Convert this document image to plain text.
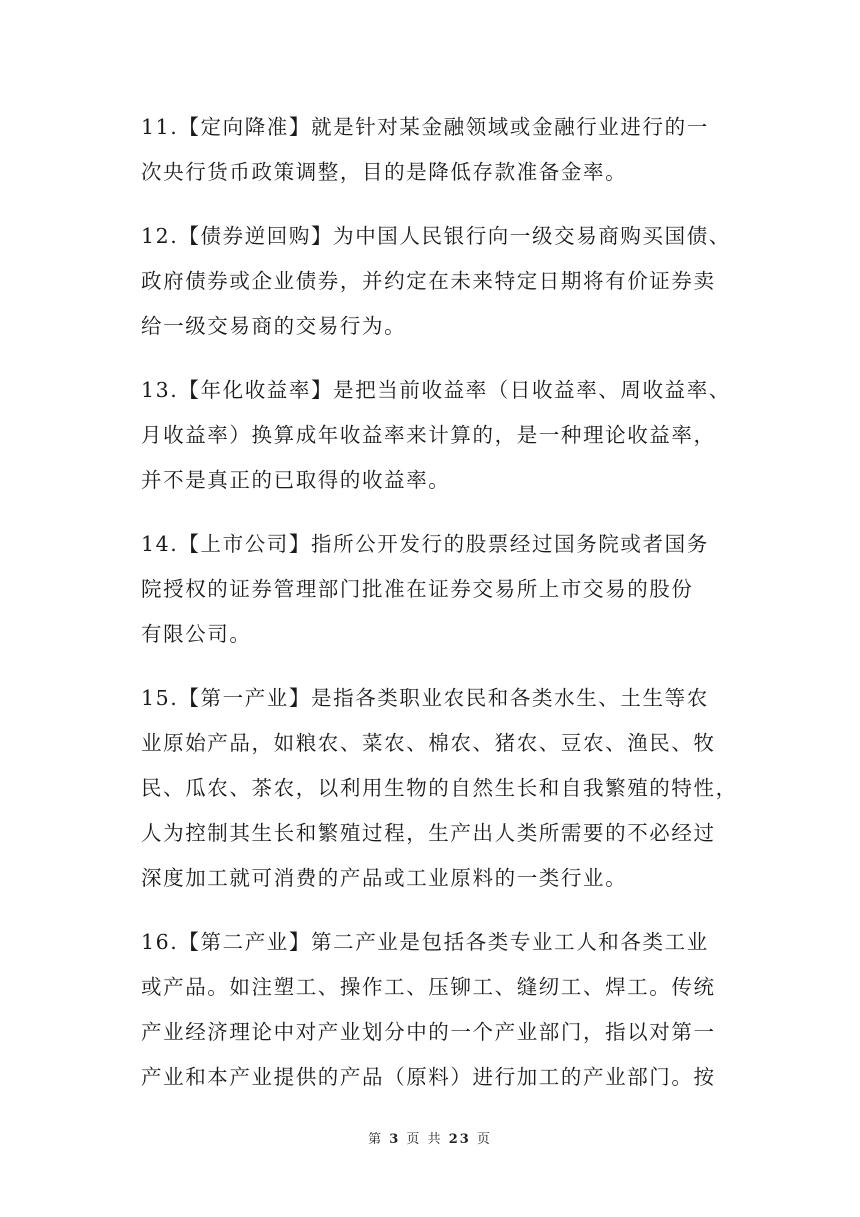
11.【定向降准】就是针对某金融领域或金融行业进行的一
次央行货币政策调整，目的是降低存款准备金率。
12.【债券逆回购】为中国人民银行向一级交易商购买国债、
政府债券或企业债券，并约定在未来特定日期将有价证券卖
给一级交易商的交易行为。
13.【年化收益率】是把当前收益率（日收益率、周收益率、
月收益率）换算成年收益率来计算的，是一种理论收益率，
并不是真正的已取得的收益率。
14.【上市公司】指所公开发行的股票经过国务院或者国务
院授权的证券管理部门批准在证券交易所上市交易的股份
有限公司。
15.【第一产业】是指各类职业农民和各类水生、土生等农
业原始产品，如粮农、菜农、棉农、猪农、豆农、渔民、牧
民、瓜农、茶农，以利用生物的自然生长和自我繁殖的特性，
人为控制其生长和繁殖过程，生产出人类所需要的不必经过
深度加工就可消费的产品或工业原料的一类行业。
16.【第二产业】第二产业是包括各类专业工人和各类工业
或产品。如注塑工、操作工、压铆工、缝纫工、焊工。传统
产业经济理论中对产业划分中的一个产业部门，指以对第一
产业和本产业提供的产品（原料）进行加工的产业部门。按
第 3 页 共 23 页
